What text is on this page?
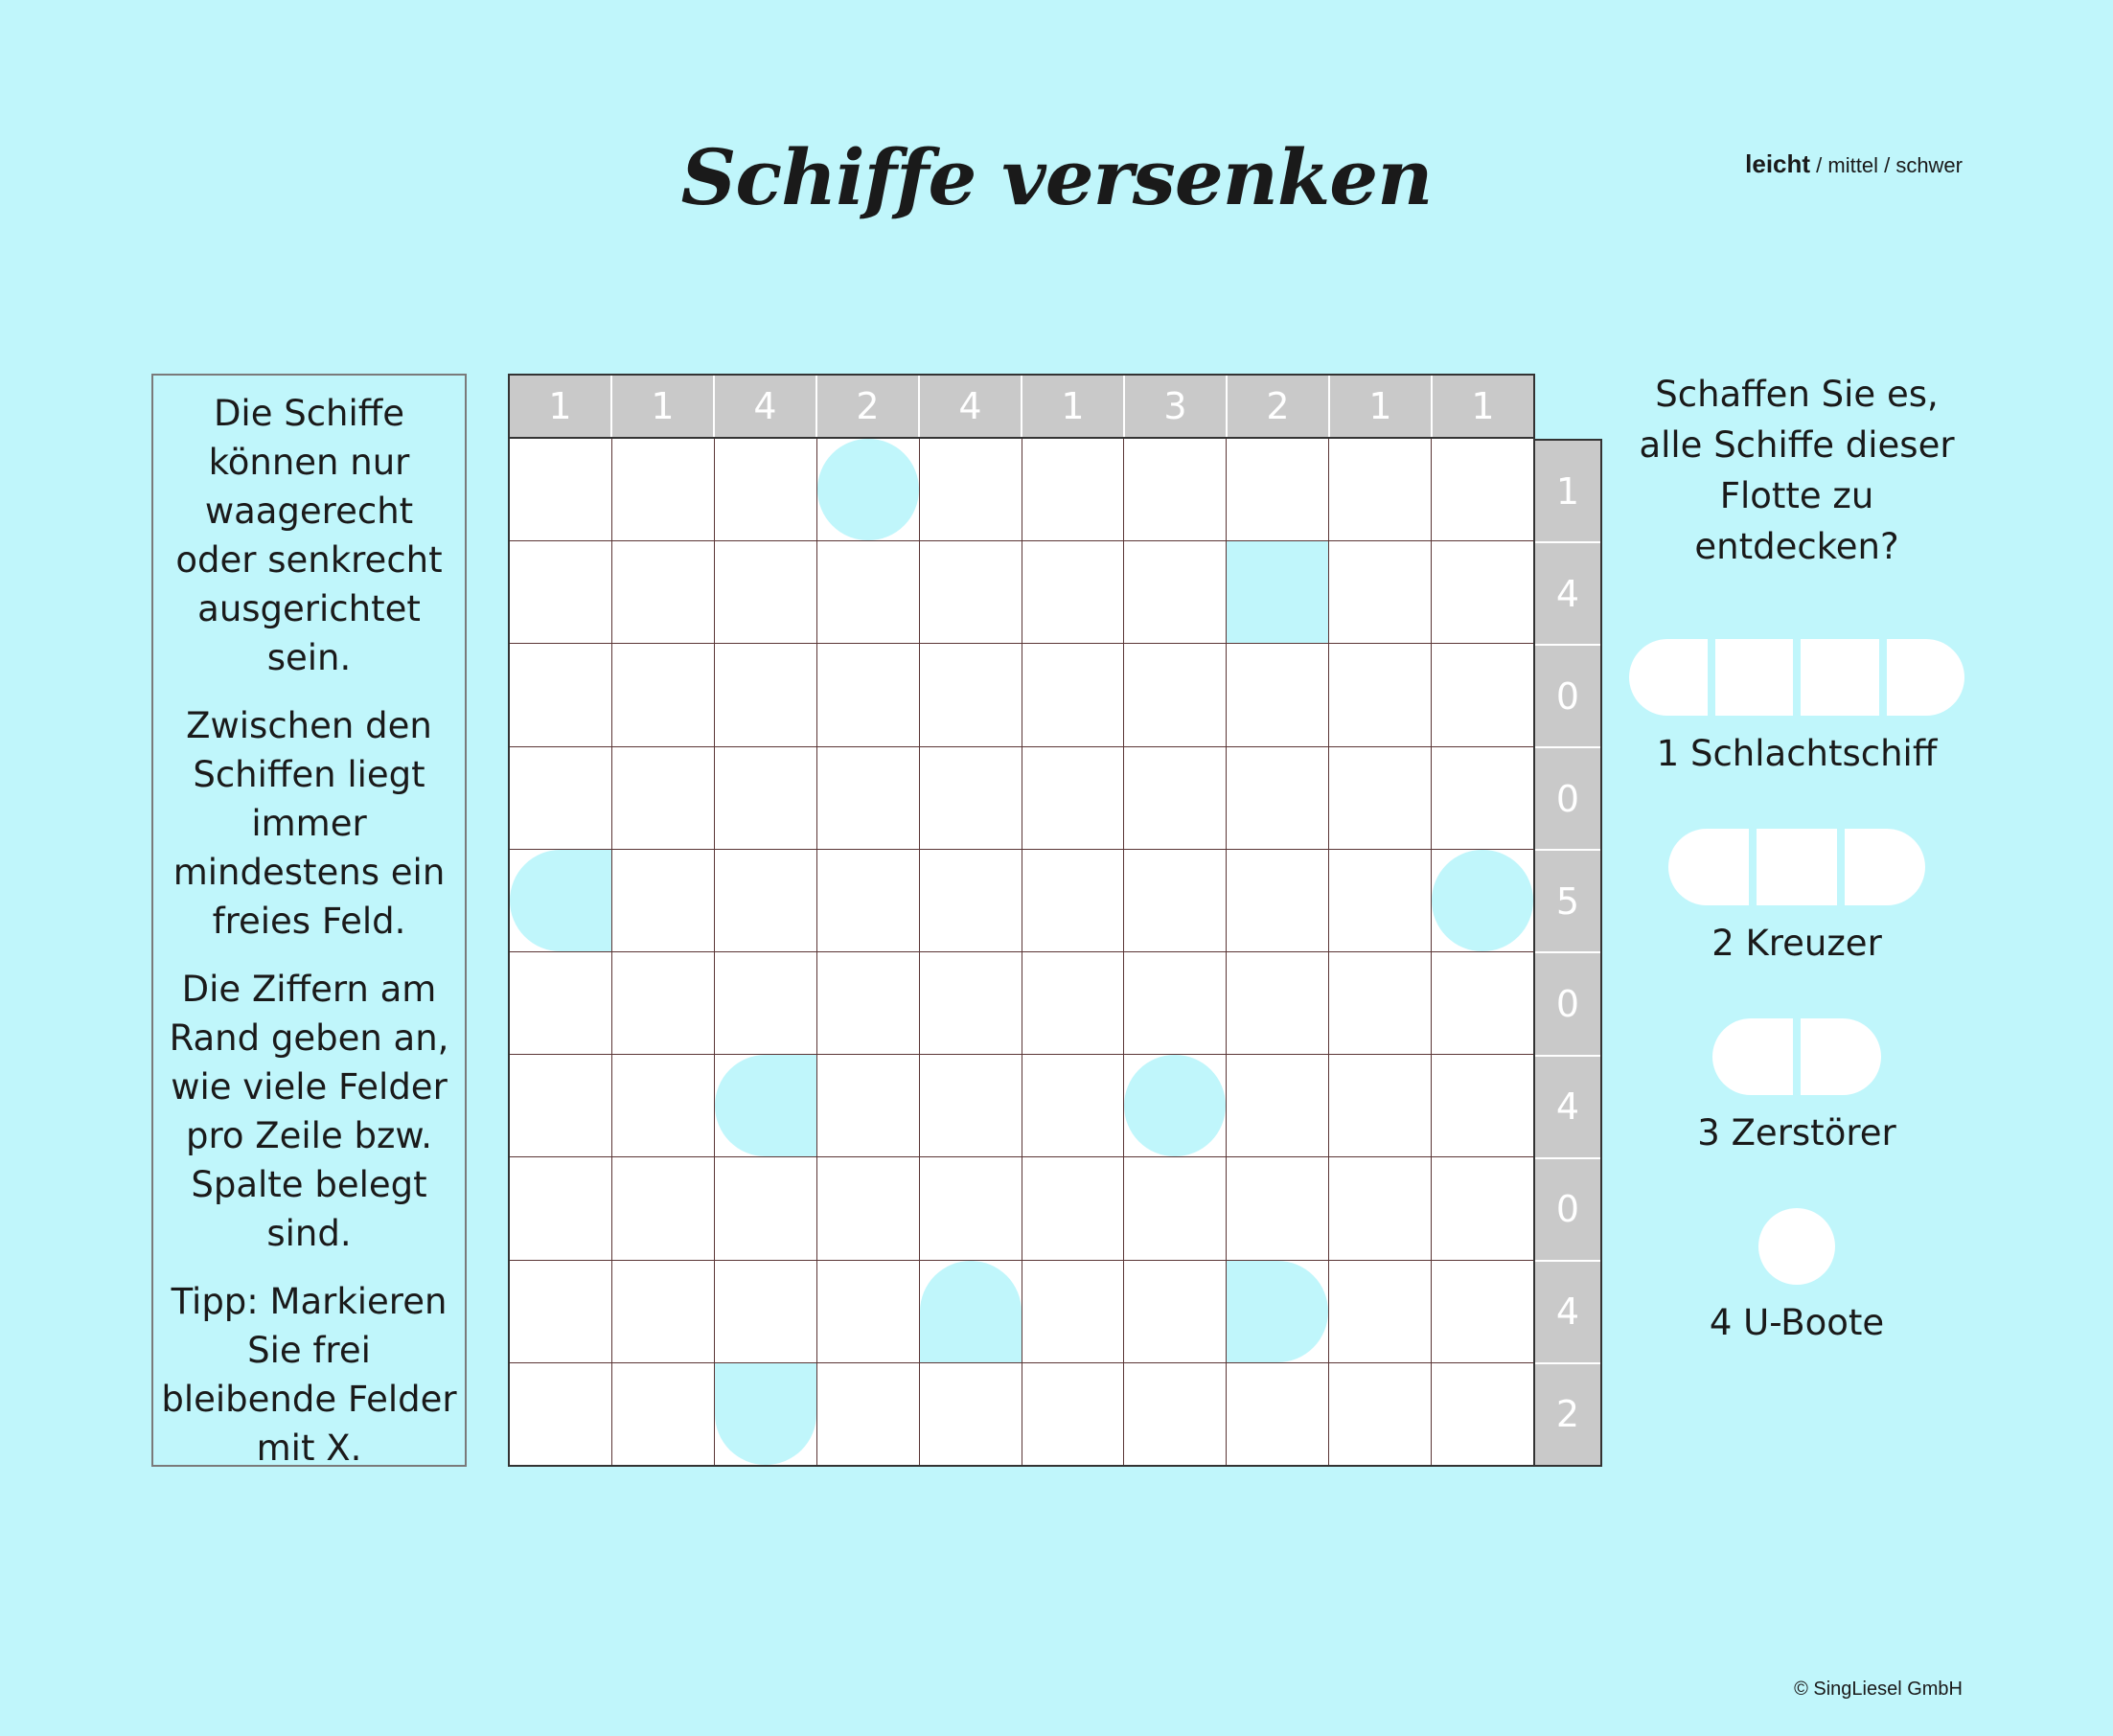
Schiffe versenken	leicht / mittel / schwer

Die Schiffe können nur waagerecht oder senkrecht ausgerichtet sein.

Zwischen den Schiffen liegt immer mindestens ein freies Feld.

Die Ziffern am Rand geben an, wie viele Felder pro Zeile bzw. Spalte belegt sind.

Tipp: Markieren Sie frei bleibende Felder mit X.

1	1	4	2	4	1	3	2	1	1
1
4
0
0
5
0
4
0
4
2
Schaffen Sie es, alle Schiffe dieser Flotte zu entdecken?
1 Schlachtschiff
2 Kreuzer
3 Zerstörer
4 U-Boote
© SingLiesel GmbH
